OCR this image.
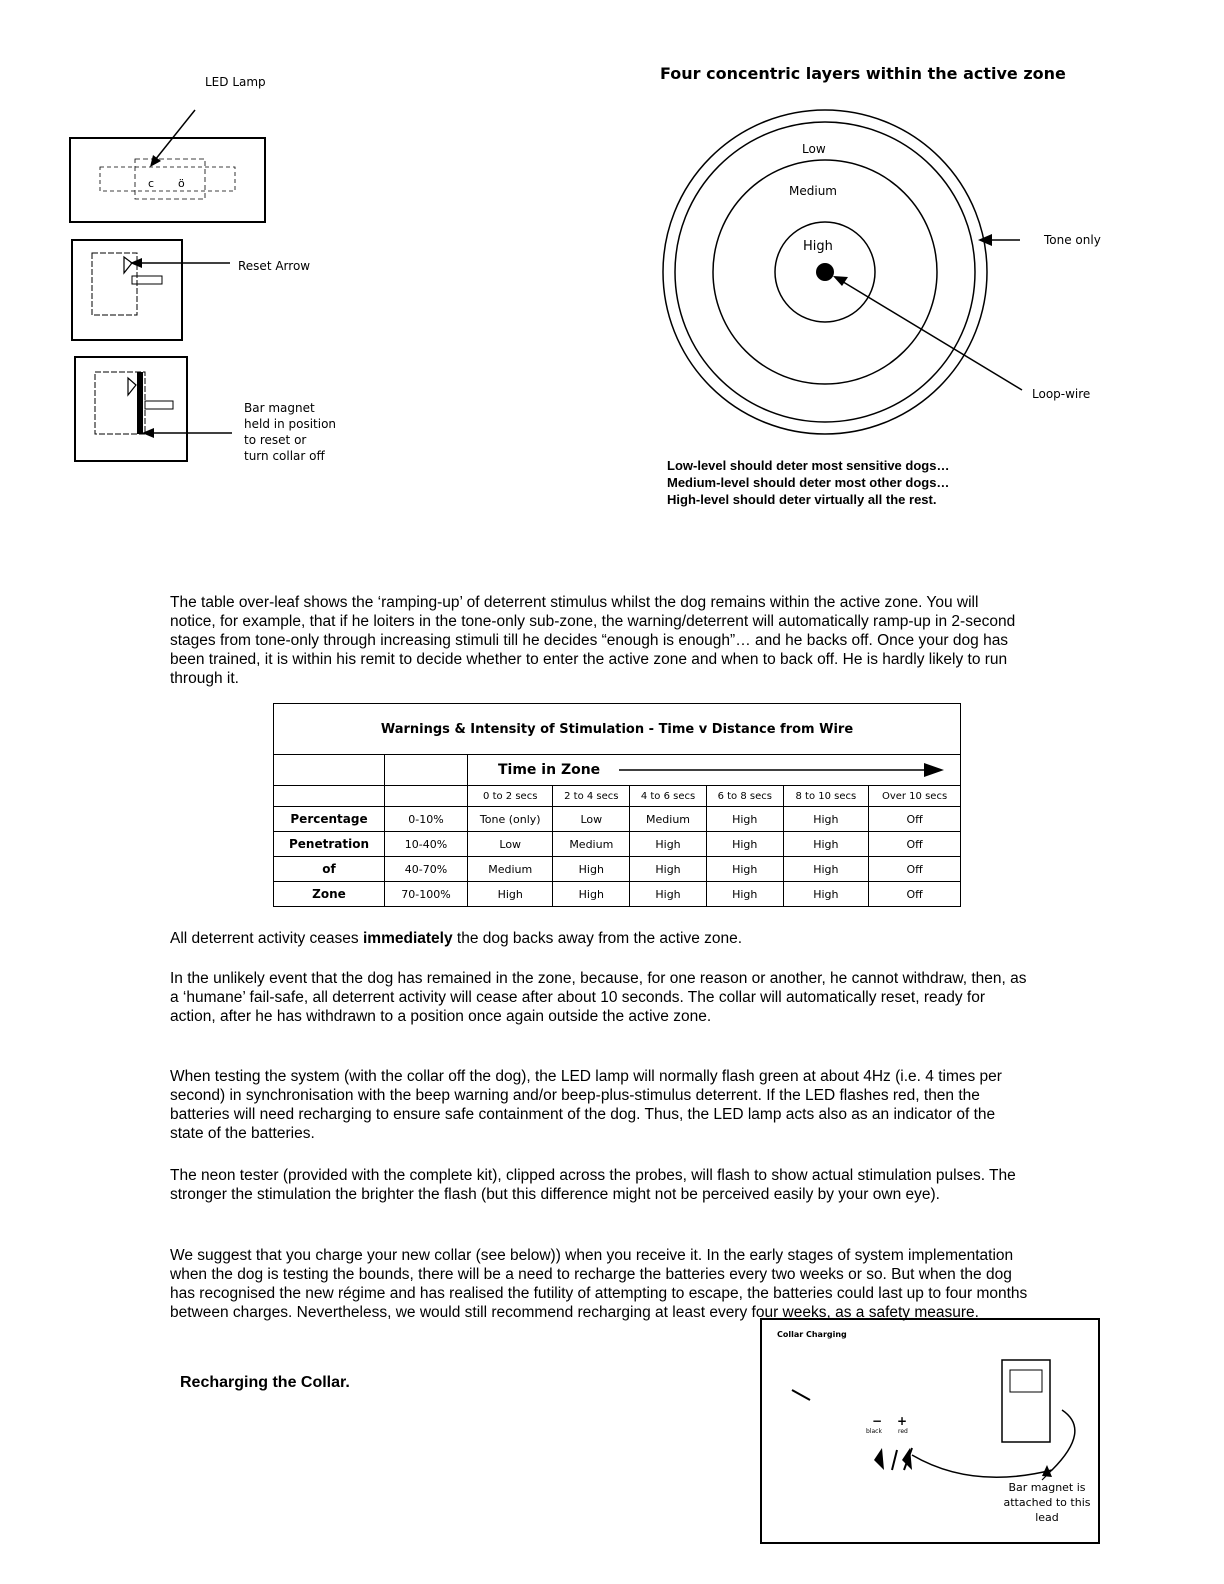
LED Lamp
c ö
Reset Arrow
Bar magnet
held in position
to reset or
turn collar off
Four concentric layers within the active zone
Low
Medium
High	Tone only
Loop-wire
Low-level should deter most sensitive dogs…
Medium-level should deter most other dogs…
High-level should deter virtually all the rest.

The table over-leaf shows the ‘ramping-up’ of deterrent stimulus whilst the dog remains within the active zone. You will notice, for example, that if he loiters in the tone-only sub-zone, the warning/deterrent will automatically ramp-up in 2-second stages from tone-only through increasing stimuli till he decides “enough is enough”… and he backs off. Once your dog has been trained, it is within his remit to decide whether to enter the active zone and when to back off. He is hardly likely to run through it.

Warnings & Intensity of Stimulation - Time v Distance from Wire							
		Time in Zone					
		0 to 2 secs	2 to 4 secs	4 to 6 secs	6 to 8 secs	8 to 10 secs	Over 10 secs
Percentage	0-10%	Tone (only)	Low	Medium	High	High	Off
Penetration	10-40%	Low	Medium	High	High	High	Off
of	40-70%	Medium	High	High	High	High	Off
Zone	70-100%	High	High	High	High	High	Off

All deterrent activity ceases immediately the dog backs away from the active zone.

In the unlikely event that the dog has remained in the zone, because, for one reason or another, he cannot withdraw, then, as a ‘humane’ fail-safe, all deterrent activity will cease after about 10 seconds. The collar will automatically reset, ready for action, after he has withdrawn to a position once again outside the active zone.

When testing the system (with the collar off the dog), the LED lamp will normally flash green at about 4Hz (i.e. 4 times per second) in synchronisation with the beep warning and/or beep-plus-stimulus deterrent. If the LED flashes red, then the batteries will need recharging to ensure safe containment of the dog. Thus, the LED lamp acts also as an indicator of the state of the batteries.

The neon tester (provided with the complete kit), clipped across the probes, will flash to show actual stimulation pulses. The stronger the stimulation the brighter the flash (but this difference might not be perceived easily by your own eye).

We suggest that you charge your new collar (see below)) when you receive it. In the early stages of system implementation when the dog is testing the bounds, there will be a need to recharge the batteries every two weeks or so. But when the dog has recognised the new régime and has realised the futility of attempting to escape, the batteries could last up to four months between charges. Nevertheless, we would still recommend recharging at least every four weeks, as a safety measure.

Recharging the Collar.
Collar Charging
− +
black	red
Bar magnet is
attached to this
lead
